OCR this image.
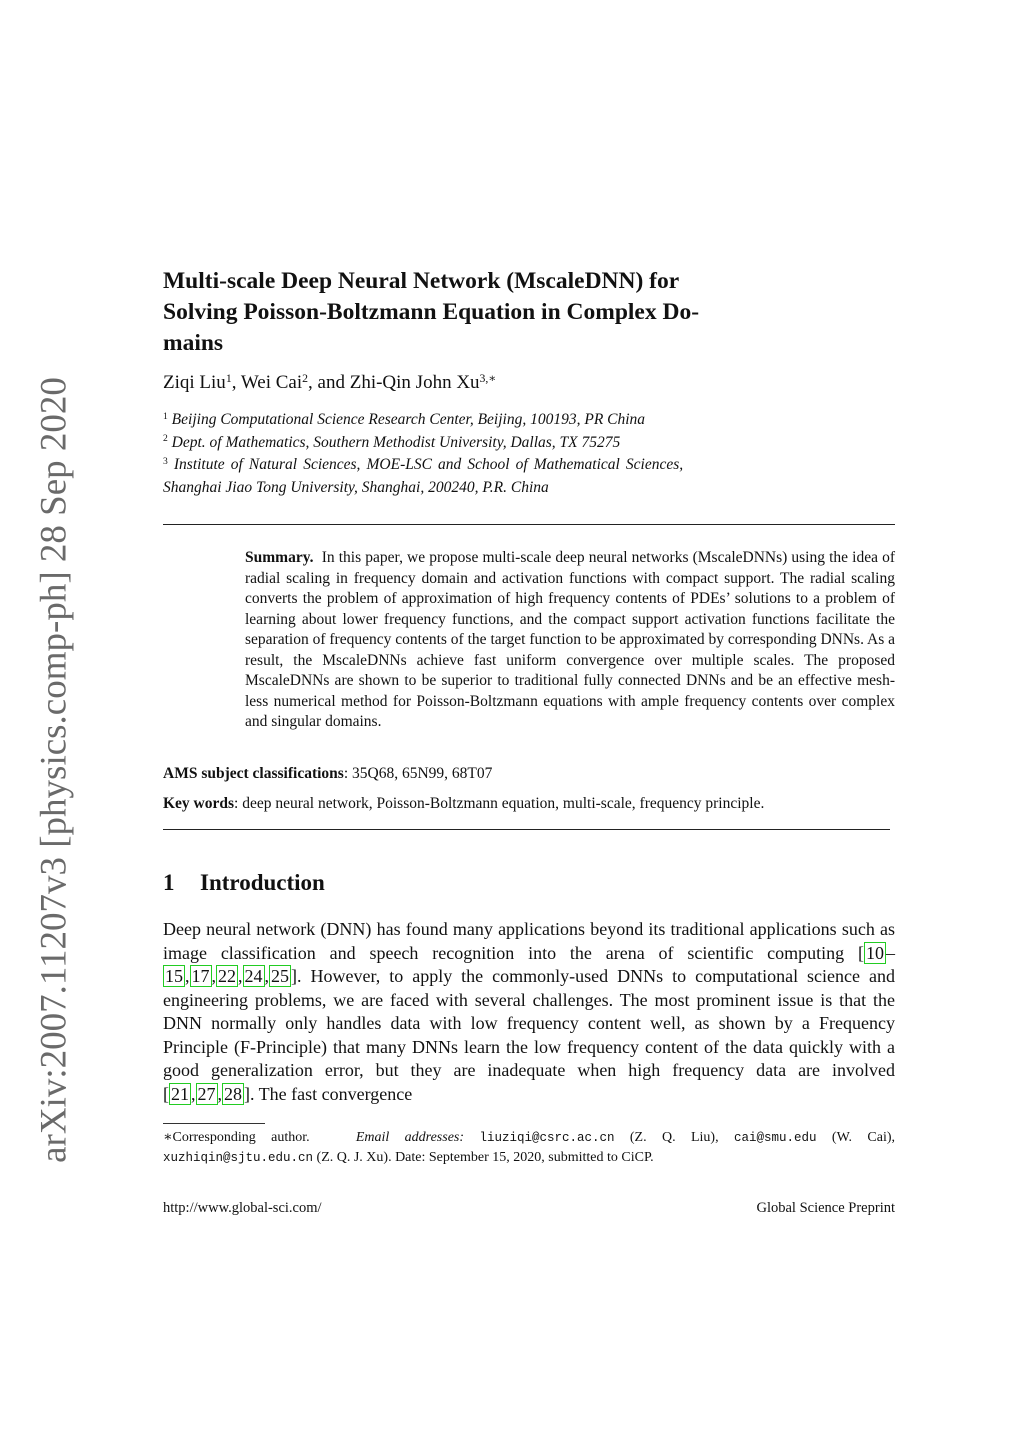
arXiv:2007.11207v3 [physics.comp-ph] 28 Sep 2020
Multi-scale Deep Neural Network (MscaleDNN) for
Solving Poisson-Boltzmann Equation in Complex Do-
mains
Ziqi Liu$^1$, Wei Cai$^2$, and Zhi-Qin John $Xu^{3,∗}$
$^1$ Beijing Computational Science Research Center, Beijing, 100193, PR China
$^2$ Dept. of Mathematics, Southern Methodist University, Dallas, TX 75275
$^3$ Institute of Natural Sciences, MOE-LSC and School of Mathematical Sciences,
Shanghai Jiao Tong University, Shanghai, 200240, P.R. China
Summary. In this paper, we propose multi-scale deep neural networks (MscaleDNNs) using the idea of radial scaling in frequency domain and activation functions with compact support. The radial scaling converts the problem of approximation of high frequency contents of PDEs’ solutions to a problem of learning about lower frequency functions, and the compact support activation functions facilitate the separation of frequency contents of the target function to be approximated by corresponding DNNs. As a result, the MscaleDNNs achieve fast uniform convergence over multiple scales. The proposed MscaleDNNs are shown to be superior to traditional fully connected DNNs and be an effective mesh-less numerical method for Poisson-Boltzmann equations with ample frequency contents over complex and singular domains.
AMS subject classifications: 35Q68, 65N99, 68T07
Key words: deep neural network, Poisson-Boltzmann equation, multi-scale, frequency principle.
1 Introduction
Deep neural network (DNN) has found many applications beyond its traditional applications such as image classification and speech recognition into the arena of scientific computing [ 10 –15 , 17 , 22 , 24 , 25 ]. However, to apply the commonly-used DNNs to computational science and engineering problems, we are faced with several challenges. The most prominent issue is that the DNN normally only handles data with low frequency content well, as shown by a Frequency Principle (F-Principle) that many DNNs learn the low frequency content of the data quickly with a good generalization error, but they are inadequate when high frequency data are involved [ 21 , 27 , 28 ]. The fast convergence
∗Corresponding author.	Email addresses: liuziqi@csrc.ac.cn (Z. Q. Liu), cai@smu.edu (W. Cai), xuzhiqin@sjtu.edu.cn (Z. Q. J. Xu). Date: September 15, 2020, submitted to CiCP.
http://www.global-sci.com/	Global Science Preprint
